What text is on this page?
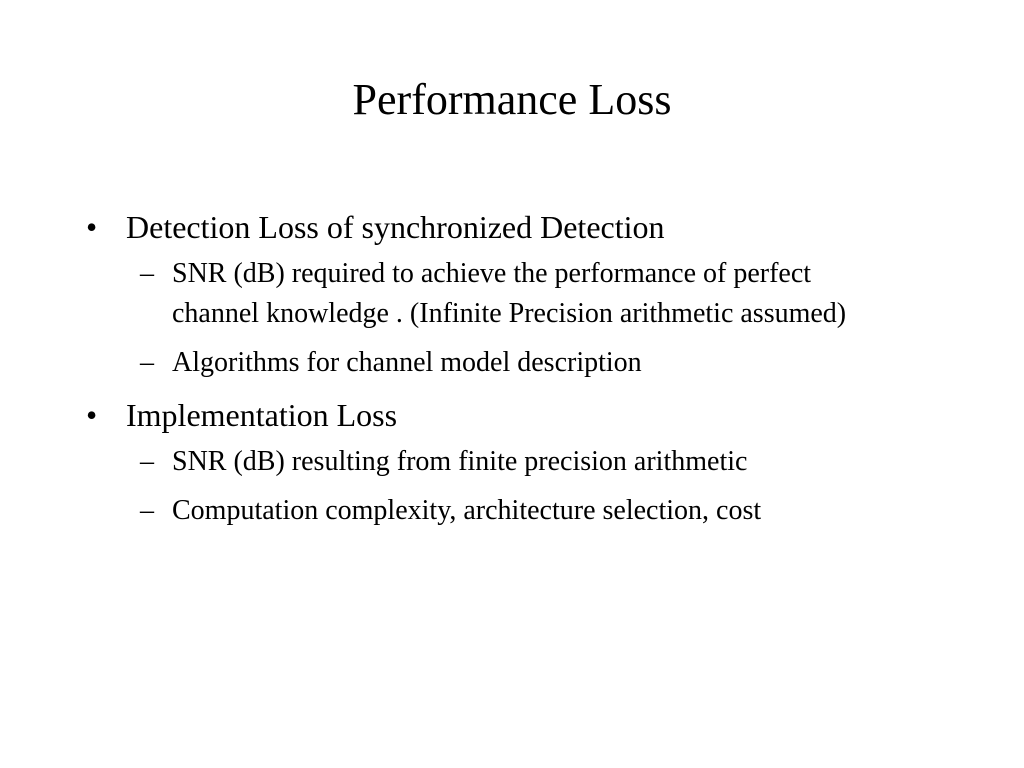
Performance Loss
• Detection Loss of synchronized Detection
– SNR (dB) required to achieve the performance of perfect channel knowledge . (Infinite Precision arithmetic assumed)
– Algorithms for channel model description
• Implementation Loss
– SNR (dB) resulting from finite precision arithmetic
– Computation complexity, architecture selection, cost
